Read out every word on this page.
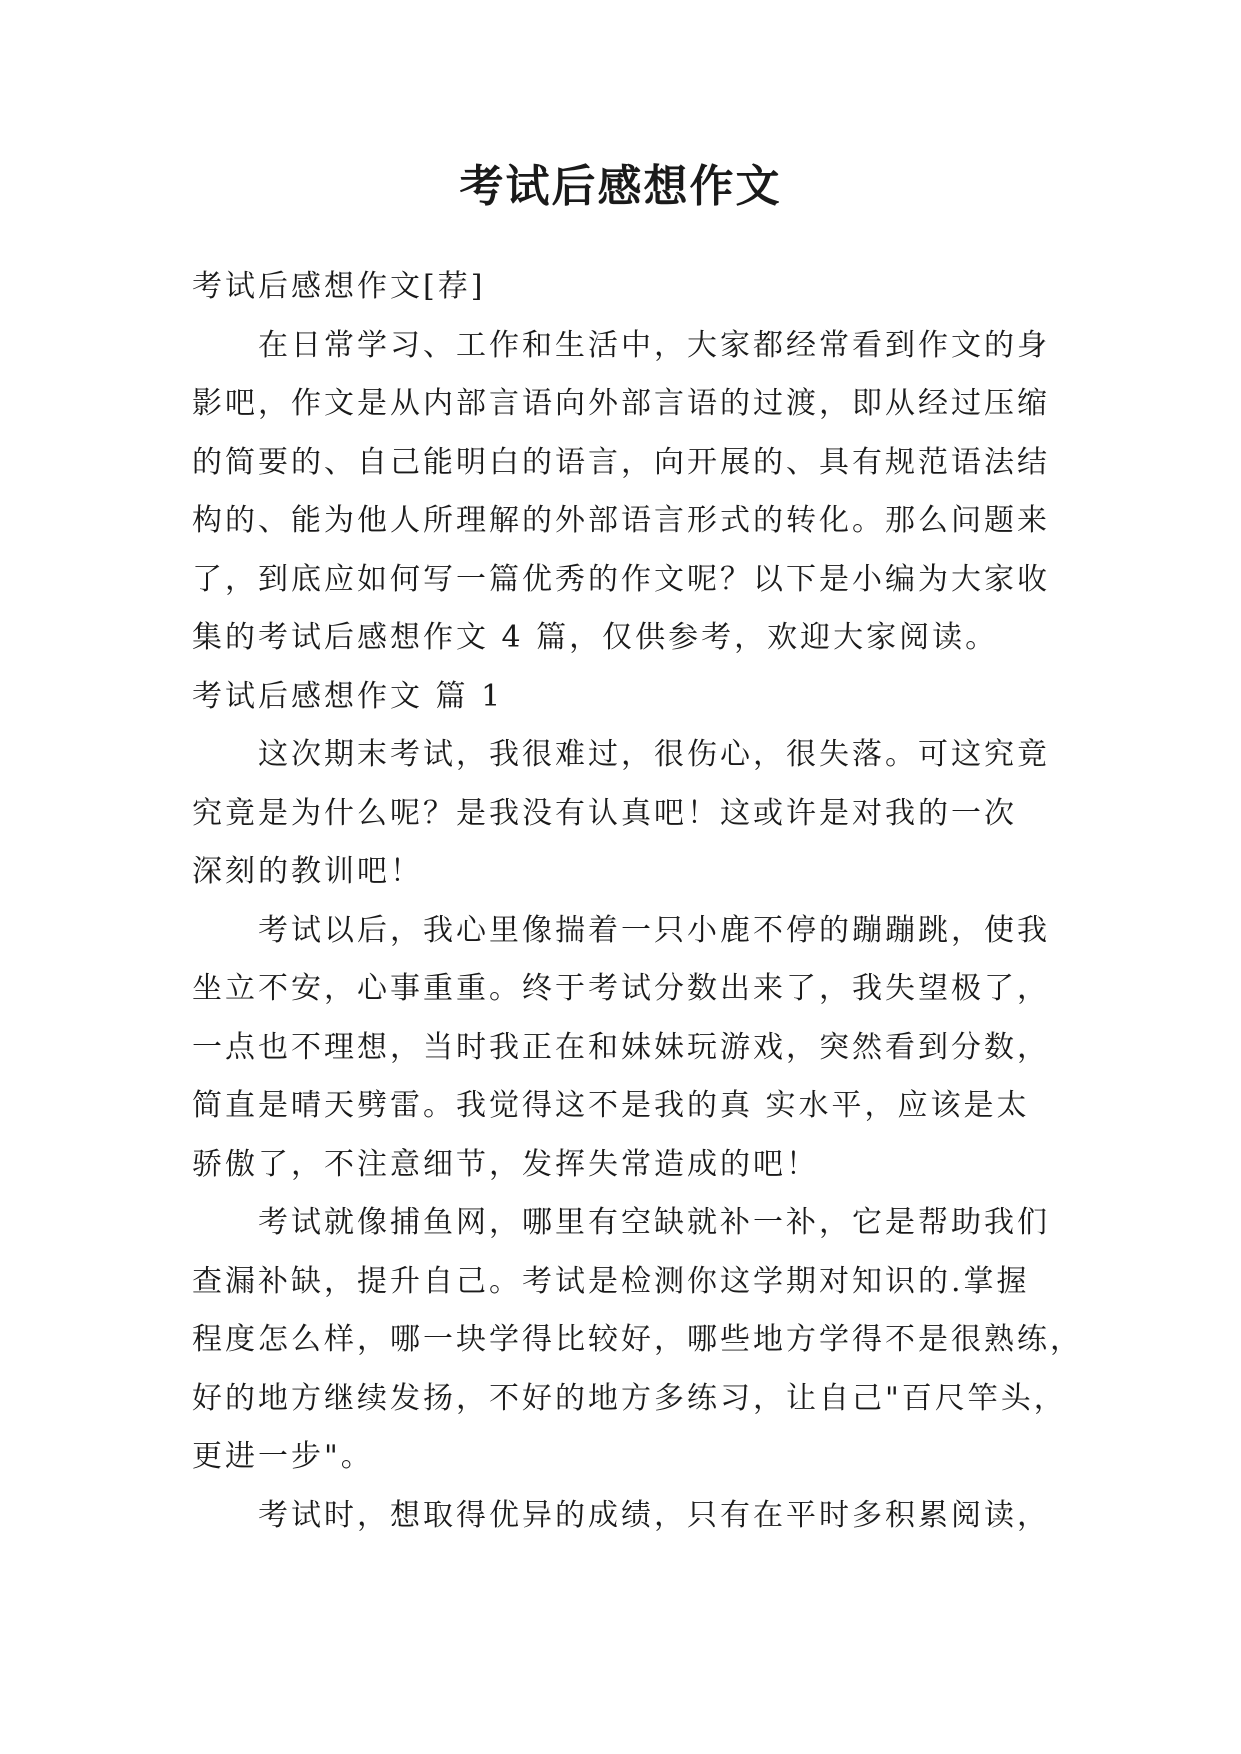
考试后感想作文

考试后感想作文[荐]

在日常学习、工作和生活中，大家都经常看到作文的身

影吧，作文是从内部言语向外部言语的过渡，即从经过压缩

的简要的、自己能明白的语言，向开展的、具有规范语法结

构的、能为他人所理解的外部语言形式的转化。那么问题来

了，到底应如何写一篇优秀的作文呢？以下是小编为大家收

集的考试后感想作文 4 篇，仅供参考，欢迎大家阅读。

考试后感想作文 篇 1

这次期末考试，我很难过，很伤心，很失落。可这究竟

究竟是为什么呢？是我没有认真吧！这或许是对我的一次

深刻的教训吧！

考试以后，我心里像揣着一只小鹿不停的蹦蹦跳，使我

坐立不安，心事重重。终于考试分数出来了，我失望极了，

一点也不理想，当时我正在和妹妹玩游戏，突然看到分数，

简直是晴天劈雷。我觉得这不是我的真 实水平，应该是太

骄傲了，不注意细节，发挥失常造成的吧！

考试就像捕鱼网，哪里有空缺就补一补，它是帮助我们

查漏补缺，提升自己。考试是检测你这学期对知识的.掌握

程度怎么样，哪一块学得比较好，哪些地方学得不是很熟练，

好的地方继续发扬，不好的地方多练习，让自己"百尺竿头，

更进一步"。

考试时，想取得优异的成绩，只有在平时多积累阅读，
